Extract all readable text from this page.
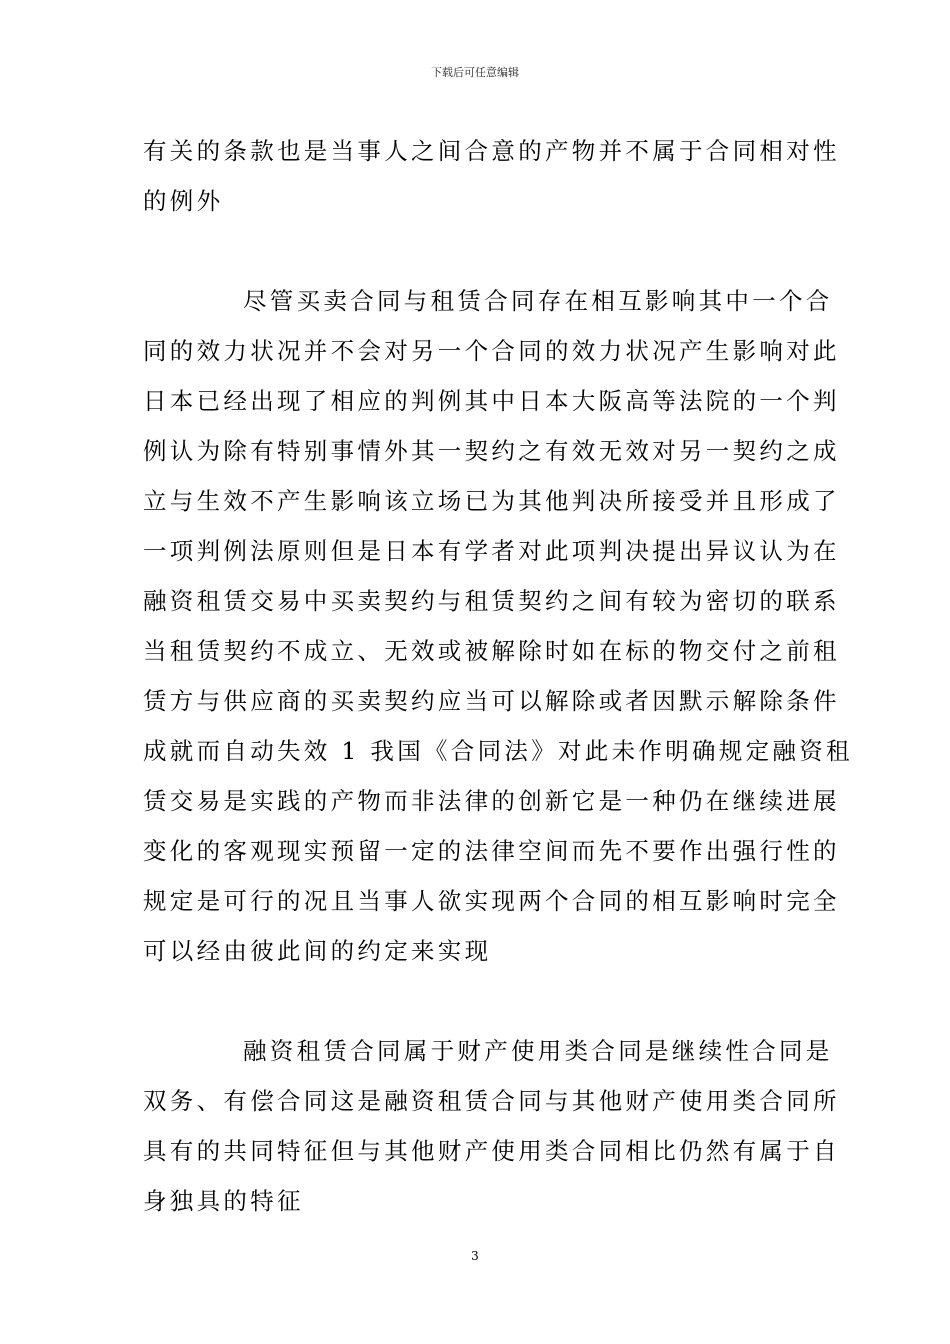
下载后可任意编辑
有关的条款也是当事人之间合意的产物并不属于合同相对性
的例外
尽管买卖合同与租赁合同存在相互影响其中一个合
同的效力状况并不会对另一个合同的效力状况产生影响对此
日本已经出现了相应的判例其中日本大阪高等法院的一个判
例认为除有特别事情外其一契约之有效无效对另一契约之成
立与生效不产生影响该立场已为其他判决所接受并且形成了
一项判例法原则但是日本有学者对此项判决提出异议认为在
融资租赁交易中买卖契约与租赁契约之间有较为密切的联系
当租赁契约不成立、无效或被解除时如在标的物交付之前租
赁方与供应商的买卖契约应当可以解除或者因默示解除条件
成就而自动失效 1 我国《合同法》对此未作明确规定融资租
赁交易是实践的产物而非法律的创新它是一种仍在继续进展
变化的客观现实预留一定的法律空间而先不要作出强行性的
规定是可行的况且当事人欲实现两个合同的相互影响时完全
可以经由彼此间的约定来实现
融资租赁合同属于财产使用类合同是继续性合同是
双务、有偿合同这是融资租赁合同与其他财产使用类合同所
具有的共同特征但与其他财产使用类合同相比仍然有属于自
身独具的特征
3
